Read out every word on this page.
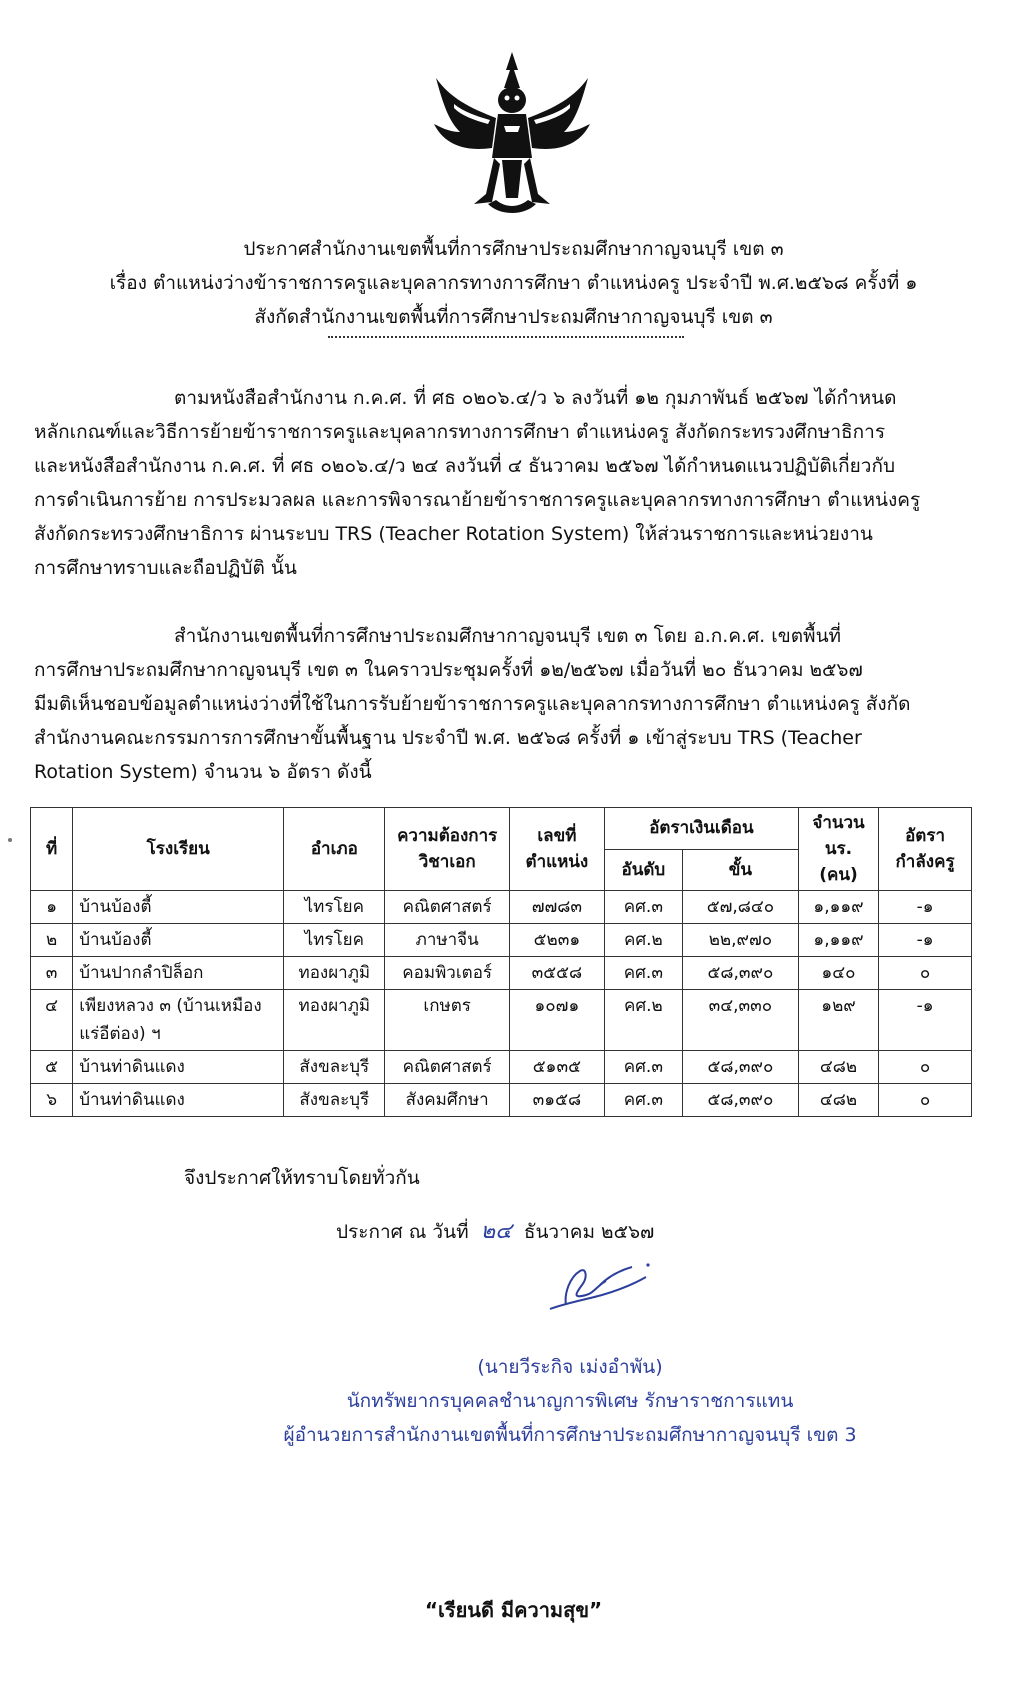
ประกาศสำนักงานเขตพื้นที่การศึกษาประถมศึกษากาญจนบุรี เขต ๓
เรื่อง ตำแหน่งว่างข้าราชการครูและบุคลากรทางการศึกษา ตำแหน่งครู ประจำปี พ.ศ.๒๕๖๘ ครั้งที่ ๑
สังกัดสำนักงานเขตพื้นที่การศึกษาประถมศึกษากาญจนบุรี เขต ๓
ตามหนังสือสำนักงาน ก.ค.ศ. ที่ ศธ ๐๒๐๖.๔/ว ๖ ลงวันที่ ๑๒ กุมภาพันธ์ ๒๕๖๗ ได้กำหนด
หลักเกณฑ์และวิธีการย้ายข้าราชการครูและบุคลากรทางการศึกษา ตำแหน่งครู สังกัดกระทรวงศึกษาธิการ
และหนังสือสำนักงาน ก.ค.ศ. ที่ ศธ ๐๒๐๖.๔/ว ๒๔ ลงวันที่ ๔ ธันวาคม ๒๕๖๗ ได้กำหนดแนวปฏิบัติเกี่ยวกับ
การดำเนินการย้าย การประมวลผล และการพิจารณาย้ายข้าราชการครูและบุคลากรทางการศึกษา ตำแหน่งครู
สังกัดกระทรวงศึกษาธิการ ผ่านระบบ TRS (Teacher Rotation System) ให้ส่วนราชการและหน่วยงาน
การศึกษาทราบและถือปฏิบัติ นั้น
สำนักงานเขตพื้นที่การศึกษาประถมศึกษากาญจนบุรี เขต ๓ โดย อ.ก.ค.ศ. เขตพื้นที่
การศึกษาประถมศึกษากาญจนบุรี เขต ๓ ในคราวประชุมครั้งที่ ๑๒/๒๕๖๗ เมื่อวันที่ ๒๐ ธันวาคม ๒๕๖๗
มีมติเห็นชอบข้อมูลตำแหน่งว่างที่ใช้ในการรับย้ายข้าราชการครูและบุคลากรทางการศึกษา ตำแหน่งครู สังกัด
สำนักงานคณะกรรมการการศึกษาขั้นพื้นฐาน ประจำปี พ.ศ. ๒๕๖๘ ครั้งที่ ๑ เข้าสู่ระบบ TRS (Teacher
Rotation System) จำนวน ๖ อัตรา ดังนี้
ที่	โรงเรียน	อำเภอ	ความต้องการ วิชาเอก	เลขที่ ตำแหน่ง	อัตราเงินเดือน		จำนวน นร. (คน)	อัตรา กำลังครู
					อันดับ	ขั้น		
๑	บ้านบ้องตี้	ไทรโยค	คณิตศาสตร์	๗๗๘๓	คศ.๓	๕๗,๘๔๐	๑,๑๑๙	-๑
๒	บ้านบ้องตี้	ไทรโยค	ภาษาจีน	๕๒๓๑	คศ.๒	๒๒,๙๗๐	๑,๑๑๙	-๑
๓	บ้านปากลำปิล็อก	ทองผาภูมิ	คอมพิวเตอร์	๓๕๕๘	คศ.๓	๕๘,๓๙๐	๑๔๐	๐
๔	เพียงหลวง ๓ (บ้านเหมือง แร่อีต่อง) ฯ	ทองผาภูมิ	เกษตร	๑๐๗๑	คศ.๒	๓๔,๓๓๐	๑๒๙	-๑
๕	บ้านท่าดินแดง	สังขละบุรี	คณิตศาสตร์	๕๑๓๕	คศ.๓	๕๘,๓๙๐	๔๘๒	๐
๖	บ้านท่าดินแดง	สังขละบุรี	สังคมศึกษา	๓๑๕๘	คศ.๓	๕๘,๓๙๐	๔๘๒	๐
จึงประกาศให้ทราบโดยทั่วกัน
ประกาศ ณ วันที่ ๒๔ ธันวาคม ๒๕๖๗
(นายวีระกิจ เม่งอำพัน)
นักทรัพยากรบุคคลชำนาญการพิเศษ รักษาราชการแทน
ผู้อำนวยการสำนักงานเขตพื้นที่การศึกษาประถมศึกษากาญจนบุรี เขต 3
“เรียนดี มีความสุข”
